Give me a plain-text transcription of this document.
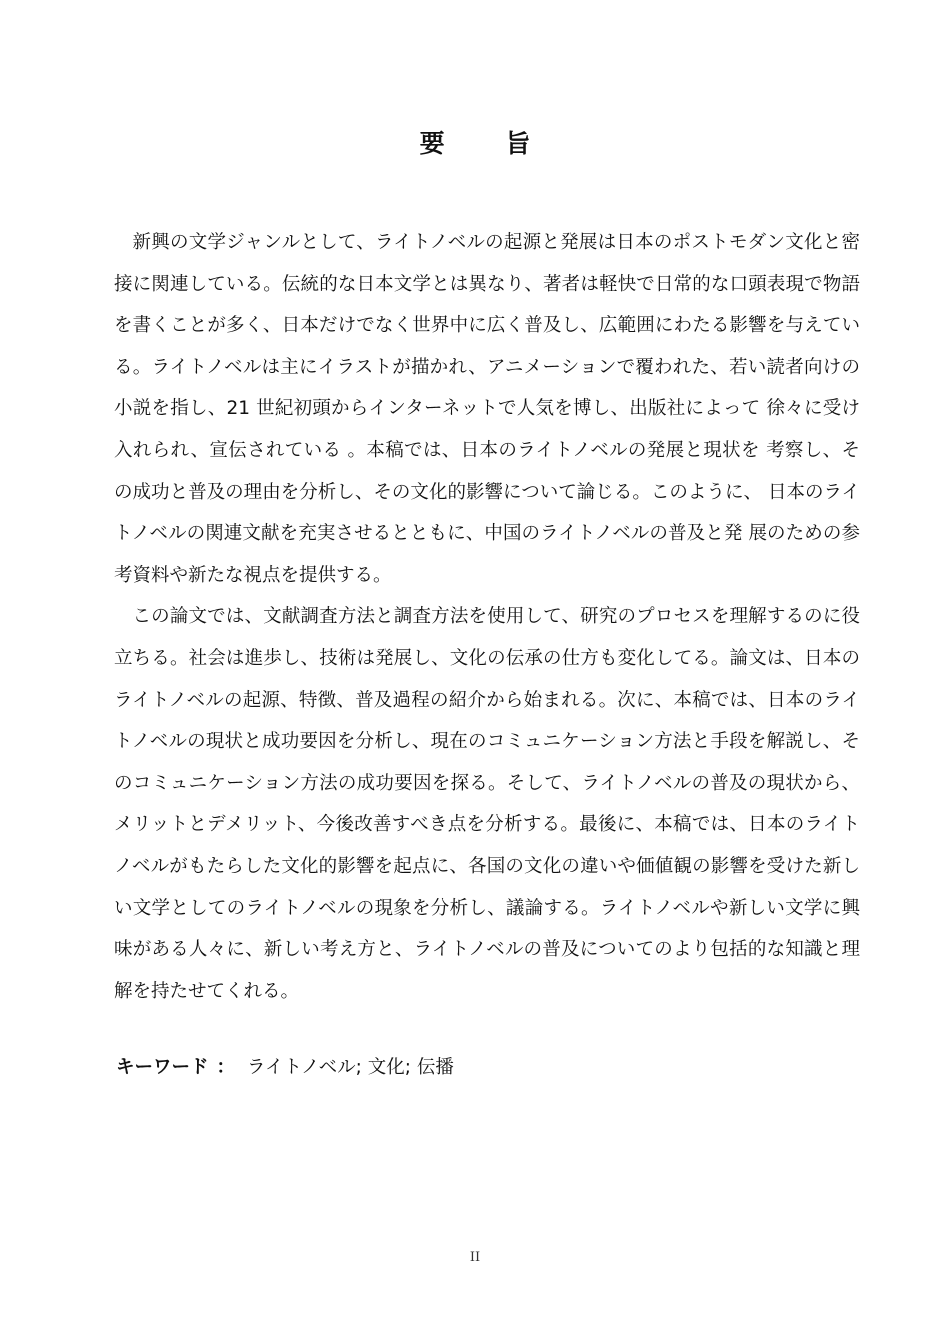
要 旨

新興の文学ジャンルとして、ライトノベルの起源と発展は日本のポストモダン文化と密接に関連している。伝統的な日本文学とは異なり、著者は軽快で日常的な口頭表現で物語を書くことが多く、日本だけでなく世界中に広く普及し、広範囲にわたる影響を与えている。ライトノベルは主にイラストが描かれ、アニメーションで覆われた、若い読者向けの小説を指し、21 世紀初頭からインターネットで人気を博し、出版社によって 徐々に受け入れられ、宣伝されている 。本稿では、日本のライトノベルの発展と現状を 考察し、その成功と普及の理由を分析し、その文化的影響について論じる。このように、 日本のライトノベルの関連文献を充実させるとともに、中国のライトノベルの普及と発 展のための参考資料や新たな視点を提供する。

この論文では、文献調査方法と調査方法を使用して、研究のプロセスを理解するのに役立ちる。社会は進歩し、技術は発展し、文化の伝承の仕方も変化してる。論文は、日本のライトノベルの起源、特徴、普及過程の紹介から始まれる。次に、本稿では、日本のライトノベルの現状と成功要因を分析し、現在のコミュニケーション方法と手段を解説し、そのコミュニケーション方法の成功要因を探る。そして、ライトノベルの普及の現状から、メリットとデメリット、今後改善すべき点を分析する。最後に、本稿では、日本のライトノベルがもたらした文化的影響を起点に、各国の文化の違いや価値観の影響を受けた新しい文学としてのライトノベルの現象を分析し、議論する。ライトノベルや新しい文学に興味がある人々に、新しい考え方と、ライトノベルの普及についてのより包括的な知識と理解を持たせてくれる。

キーワード ： ライトノベル; 文化; 伝播
II
